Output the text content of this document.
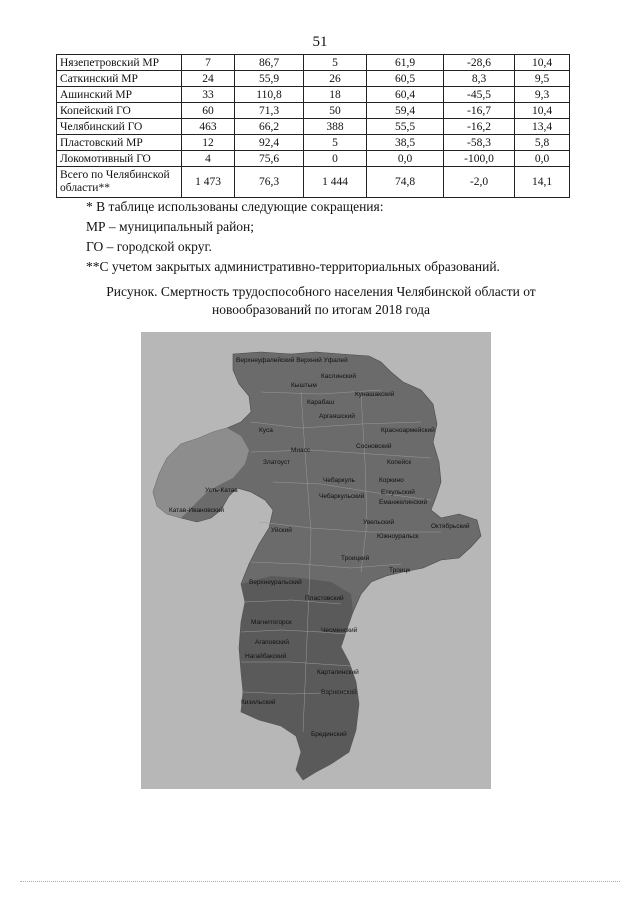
51
Нязепетровский МР	7	86,7	5	61,9	-28,6	10,4
Саткинский МР	24	55,9	26	60,5	8,3	9,5
Ашинский МР	33	110,8	18	60,4	-45,5	9,3
Копейский ГО	60	71,3	50	59,4	-16,7	10,4
Челябинский ГО	463	66,2	388	55,5	-16,2	13,4
Пластовский МР	12	92,4	5	38,5	-58,3	5,8
Локомотивный ГО	4	75,6	0	0,0	-100,0	0,0

Всего по Челябинской
области**	1 473	76,3	1 444	74,8	-2,0	14,1
* В таблице использованы следующие сокращения:
МР – муниципальный район;
ГО – городской округ.
**С учетом закрытых административно-территориальных образований.
Рисунок. Смертность трудоспособного населения Челябинской области от
новообразований по итогам 2018 года
Верхнеуфалейский Верхний Уфалей
Каслинский
Кыштым
Кунашакский
Карабаш
Аргаяшский
Красноармейский
Куса
Сосновский
Миасс
Златоуст	Копейск
Чебаркуль	Коркино
Усть-Катав
Чебаркульский
Еткульский
Еманжелинский
Катав-Ивановский
Увельский
Уйский
Южноуральск
Октябрьский
Троицкий
Троицк
Верхнеуральский
Пластовский
Магнитогорск
Чесменский
Агаповский
Нагайбакский
Карталинский
Варненский
Кизильский
Брединский
